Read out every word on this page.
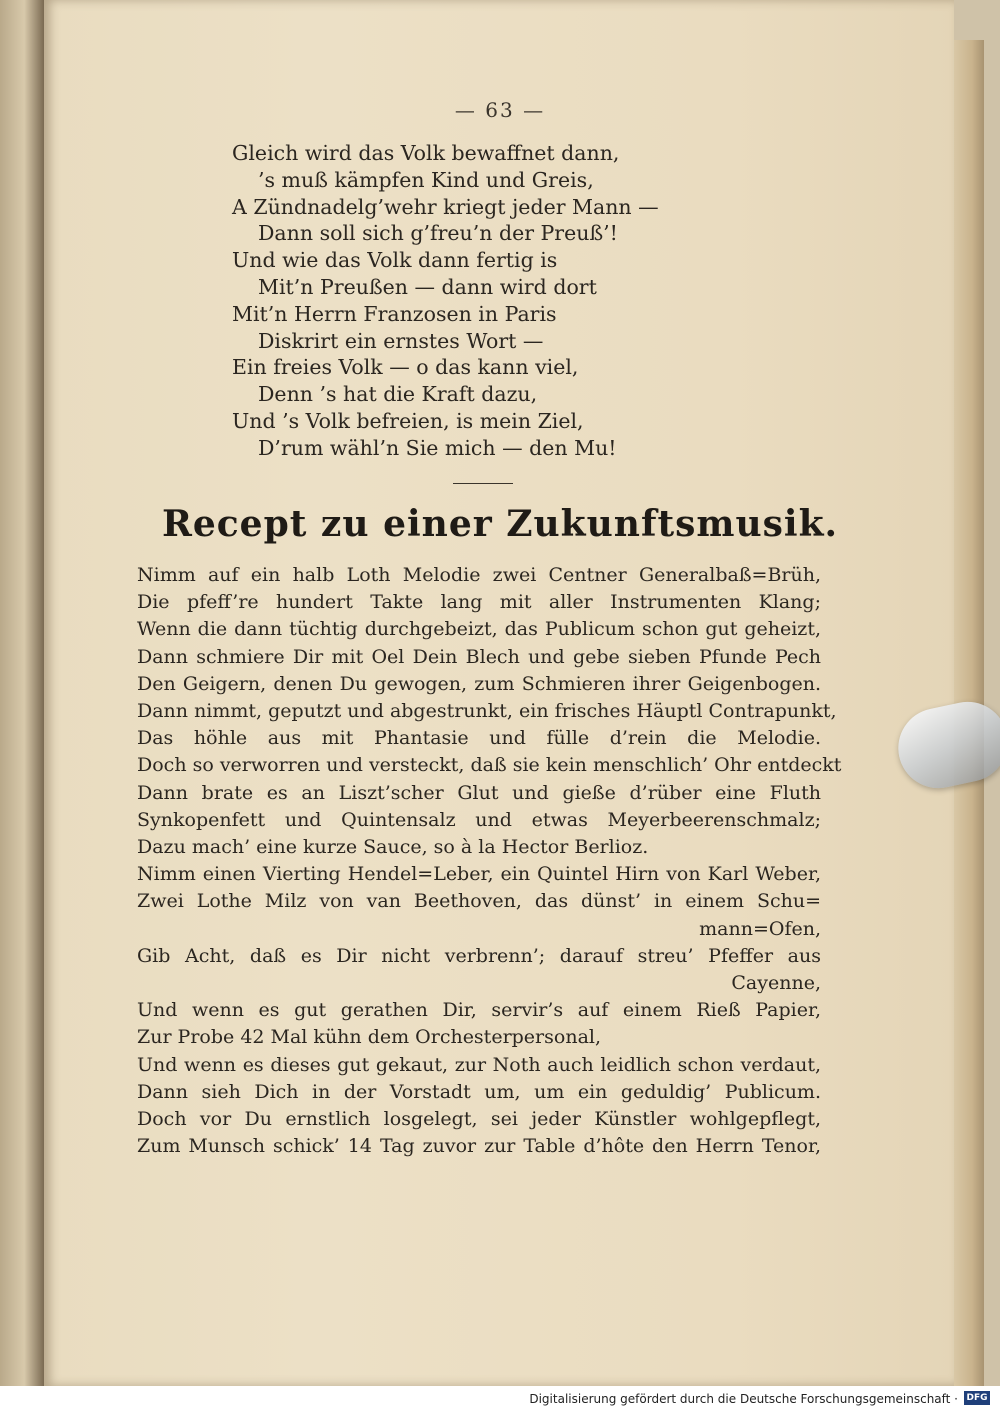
— 63 —
Gleich wird das Volk bewaffnet dann,
’s muß kämpfen Kind und Greis,
A Zündnadelg’wehr kriegt jeder Mann —
Dann soll sich g’freu’n der Preuß’!
Und wie das Volk dann fertig is
Mit’n Preußen — dann wird dort
Mit’n Herrn Franzosen in Paris
Diskrirt ein ernstes Wort —
Ein freies Volk — o das kann viel,
Denn ’s hat die Kraft dazu,
Und ’s Volk befreien, is mein Ziel,
D’rum wähl’n Sie mich — den Mu!
Recept zu einer Zukunftsmusik.
Nimm auf ein halb Loth Melodie zwei Centner Generalbaß=Brüh,
Die pfeff’re hundert Takte lang mit aller Instrumenten Klang;
Wenn die dann tüchtig durchgebeizt, das Publicum schon gut geheizt,
Dann schmiere Dir mit Oel Dein Blech und gebe sieben Pfunde Pech
Den Geigern, denen Du gewogen, zum Schmieren ihrer Geigenbogen.
Dann nimmt, geputzt und abgestrunkt, ein frisches Häuptl Contrapunkt,
Das höhle aus mit Phantasie und fülle d’rein die Melodie.
Doch so verworren und versteckt, daß sie kein menschlich’ Ohr entdeckt
Dann brate es an Liszt’scher Glut und gieße d’rüber eine Fluth
Synkopenfett und Quintensalz und etwas Meyerbeerenschmalz;
Dazu mach’ eine kurze Sauce, so à la Hector Berlioz.
Nimm einen Vierting Hendel=Leber, ein Quintel Hirn von Karl Weber,
Zwei Lothe Milz von van Beethoven, das dünst’ in einem Schu=
mann=Ofen,
Gib Acht, daß es Dir nicht verbrenn’; darauf streu’ Pfeffer aus
Cayenne,
Und wenn es gut gerathen Dir, servir’s auf einem Rieß Papier,
Zur Probe 42 Mal kühn dem Orchesterpersonal,
Und wenn es dieses gut gekaut, zur Noth auch leidlich schon verdaut,
Dann sieh Dich in der Vorstadt um, um ein geduldig’ Publicum.
Doch vor Du ernstlich losgelegt, sei jeder Künstler wohlgepflegt,
Zum Munsch schick’ 14 Tag zuvor zur Table d’hôte den Herrn Tenor,
Digitalisierung gefördert durch die Deutsche Forschungsgemeinschaft · DFG
